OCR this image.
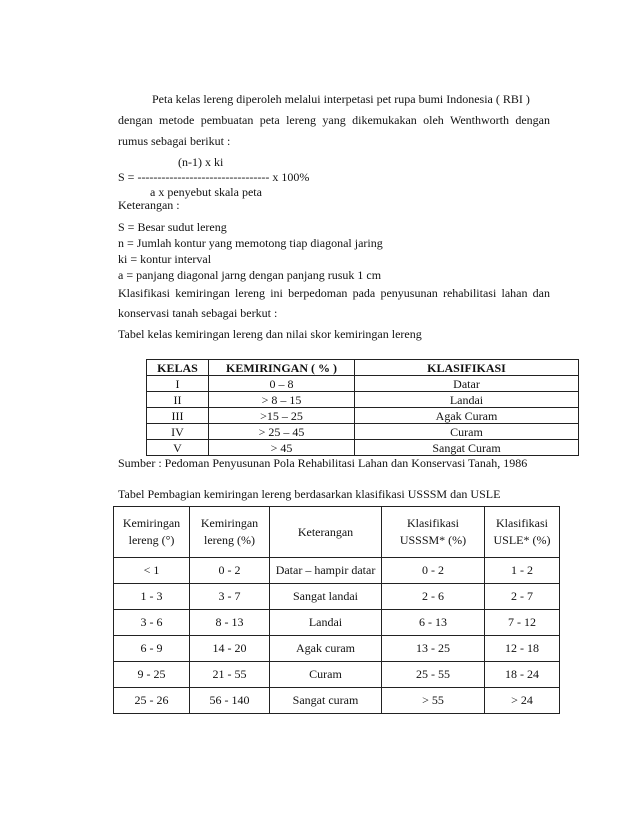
Peta kelas lereng diperoleh melalui interpetasi pet rupa bumi Indonesia ( RBI )
dengan metode pembuatan peta lereng yang dikemukakan oleh Wenthworth dengan
rumus sebagai berikut :
(n-1) x ki
S = --------------------------------- x 100%
a x penyebut skala peta
Keterangan :
S = Besar sudut lereng
n = Jumlah kontur yang memotong tiap diagonal jaring
ki = kontur interval
a = panjang diagonal jarng dengan panjang rusuk 1 cm
Klasifikasi kemiringan lereng ini berpedoman pada penyusunan rehabilitasi lahan dan
konservasi tanah sebagai berkut :
Tabel kelas kemiringan lereng dan nilai skor kemiringan lereng
KELAS	KEMIRINGAN ( % )	KLASIFIKASI
I	0 – 8	Datar
II	> 8 – 15	Landai
III	>15 – 25	Agak Curam
IV	> 25 – 45	Curam
V	> 45	Sangat Curam
Sumber : Pedoman Penyusunan Pola Rehabilitasi Lahan dan Konservasi Tanah, 1986
Tabel Pembagian kemiringan lereng berdasarkan klasifikasi USSSM dan USLE
Kemiringan
lereng (°)	Kemiringan
lereng (%)	Keterangan	Klasifikasi
USSSM* (%)	Klasifikasi
USLE* (%)
< 1	0 - 2	Datar – hampir datar	0 - 2	1 - 2
1 - 3	3 - 7	Sangat landai	2 - 6	2 - 7
3 - 6	8 - 13	Landai	6 - 13	7 - 12
6 - 9	14 - 20	Agak curam	13 - 25	12 - 18
9 - 25	21 - 55	Curam	25 - 55	18 - 24
25 - 26	56 - 140	Sangat curam	> 55	> 24
